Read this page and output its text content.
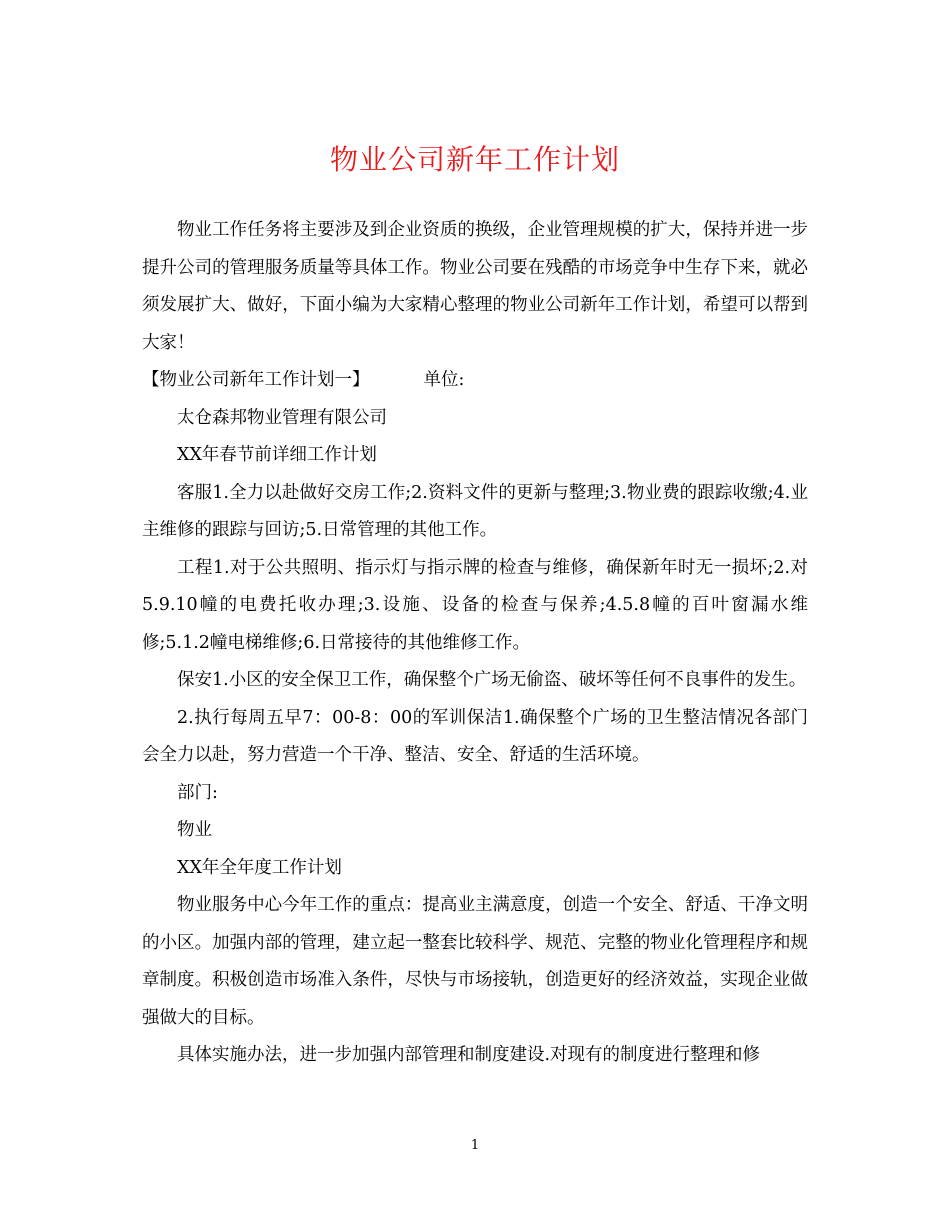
物业公司新年工作计划

物业工作任务将主要涉及到企业资质的换级，企业管理规模的扩大，保持并进一步提升公司的管理服务质量等具体工作。物业公司要在残酷的市场竞争中生存下来，就必须发展扩大、做好，下面小编为大家精心整理的物业公司新年工作计划，希望可以帮到大家！

【物业公司新年工作计划一】	单位:

太仓森邦物业管理有限公司

XX年春节前详细工作计划

客服1.全力以赴做好交房工作;2.资料文件的更新与整理;3.物业费的跟踪收缴;4.业主维修的跟踪与回访;5.日常管理的其他工作。

工程1.对于公共照明、指示灯与指示牌的检查与维修，确保新年时无一损坏;2.对5.9.10幢的电费托收办理;3.设施、设备的检查与保养;4.5.8幢的百叶窗漏水维修;5.1.2幢电梯维修;6.日常接待的其他维修工作。

保安1.小区的安全保卫工作，确保整个广场无偷盗、破坏等任何不良事件的发生。

2.执行每周五早7：00-8：00的军训保洁1.确保整个广场的卫生整洁情况各部门会全力以赴，努力营造一个干净、整洁、安全、舒适的生活环境。

部门:

物业

XX年全年度工作计划

物业服务中心今年工作的重点：提高业主满意度，创造一个安全、舒适、干净文明的小区。加强内部的管理，建立起一整套比较科学、规范、完整的物业化管理程序和规章制度。积极创造市场准入条件，尽快与市场接轨，创造更好的经济效益，实现企业做强做大的目标。

具体实施办法，进一步加强内部管理和制度建设.对现有的制度进行整理和修

1
